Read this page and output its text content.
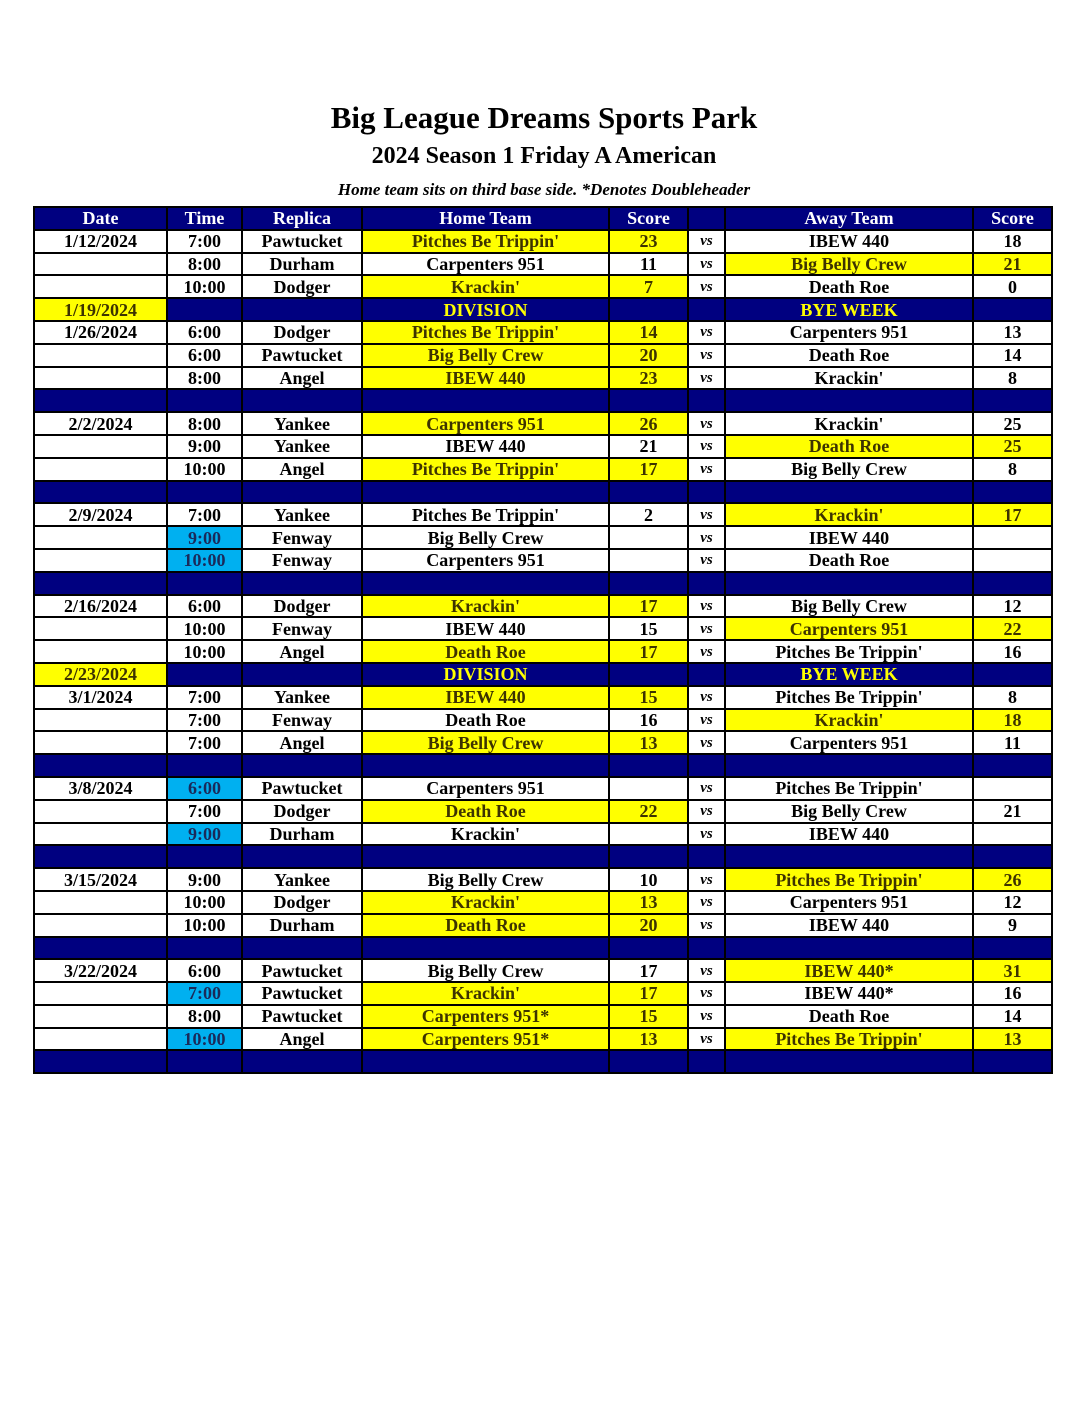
Big League Dreams Sports Park
2024 Season 1 Friday A American
Home team sits on third base side. *Denotes Doubleheader
Date	Time	Replica	Home Team	Score		Away Team	Score
1/12/2024	7:00	Pawtucket	Pitches Be Trippin'	23	vs	IBEW 440	18
	8:00	Durham	Carpenters 951	11	vs	Big Belly Crew	21
	10:00	Dodger	Krackin'	7	vs	Death Roe	0
1/19/2024			DIVISION			BYE WEEK	
1/26/2024	6:00	Dodger	Pitches Be Trippin'	14	vs	Carpenters 951	13
	6:00	Pawtucket	Big Belly Crew	20	vs	Death Roe	14
	8:00	Angel	IBEW 440	23	vs	Krackin'	8

2/2/2024	8:00	Yankee	Carpenters 951	26	vs	Krackin'	25
	9:00	Yankee	IBEW 440	21	vs	Death Roe	25
	10:00	Angel	Pitches Be Trippin'	17	vs	Big Belly Crew	8

2/9/2024	7:00	Yankee	Pitches Be Trippin'	2	vs	Krackin'	17
	9:00	Fenway	Big Belly Crew		vs	IBEW 440	
	10:00	Fenway	Carpenters 951		vs	Death Roe	

2/16/2024	6:00	Dodger	Krackin'	17	vs	Big Belly Crew	12
	10:00	Fenway	IBEW 440	15	vs	Carpenters 951	22
	10:00	Angel	Death Roe	17	vs	Pitches Be Trippin'	16
2/23/2024			DIVISION			BYE WEEK	
3/1/2024	7:00	Yankee	IBEW 440	15	vs	Pitches Be Trippin'	8
	7:00	Fenway	Death Roe	16	vs	Krackin'	18
	7:00	Angel	Big Belly Crew	13	vs	Carpenters 951	11

3/8/2024	6:00	Pawtucket	Carpenters 951		vs	Pitches Be Trippin'	
	7:00	Dodger	Death Roe	22	vs	Big Belly Crew	21
	9:00	Durham	Krackin'		vs	IBEW 440	

3/15/2024	9:00	Yankee	Big Belly Crew	10	vs	Pitches Be Trippin'	26
	10:00	Dodger	Krackin'	13	vs	Carpenters 951	12
	10:00	Durham	Death Roe	20	vs	IBEW 440	9

3/22/2024	6:00	Pawtucket	Big Belly Crew	17	vs	IBEW 440*	31
	7:00	Pawtucket	Krackin'	17	vs	IBEW 440*	16
	8:00	Pawtucket	Carpenters 951*	15	vs	Death Roe	14
	10:00	Angel	Carpenters 951*	13	vs	Pitches Be Trippin'	13
